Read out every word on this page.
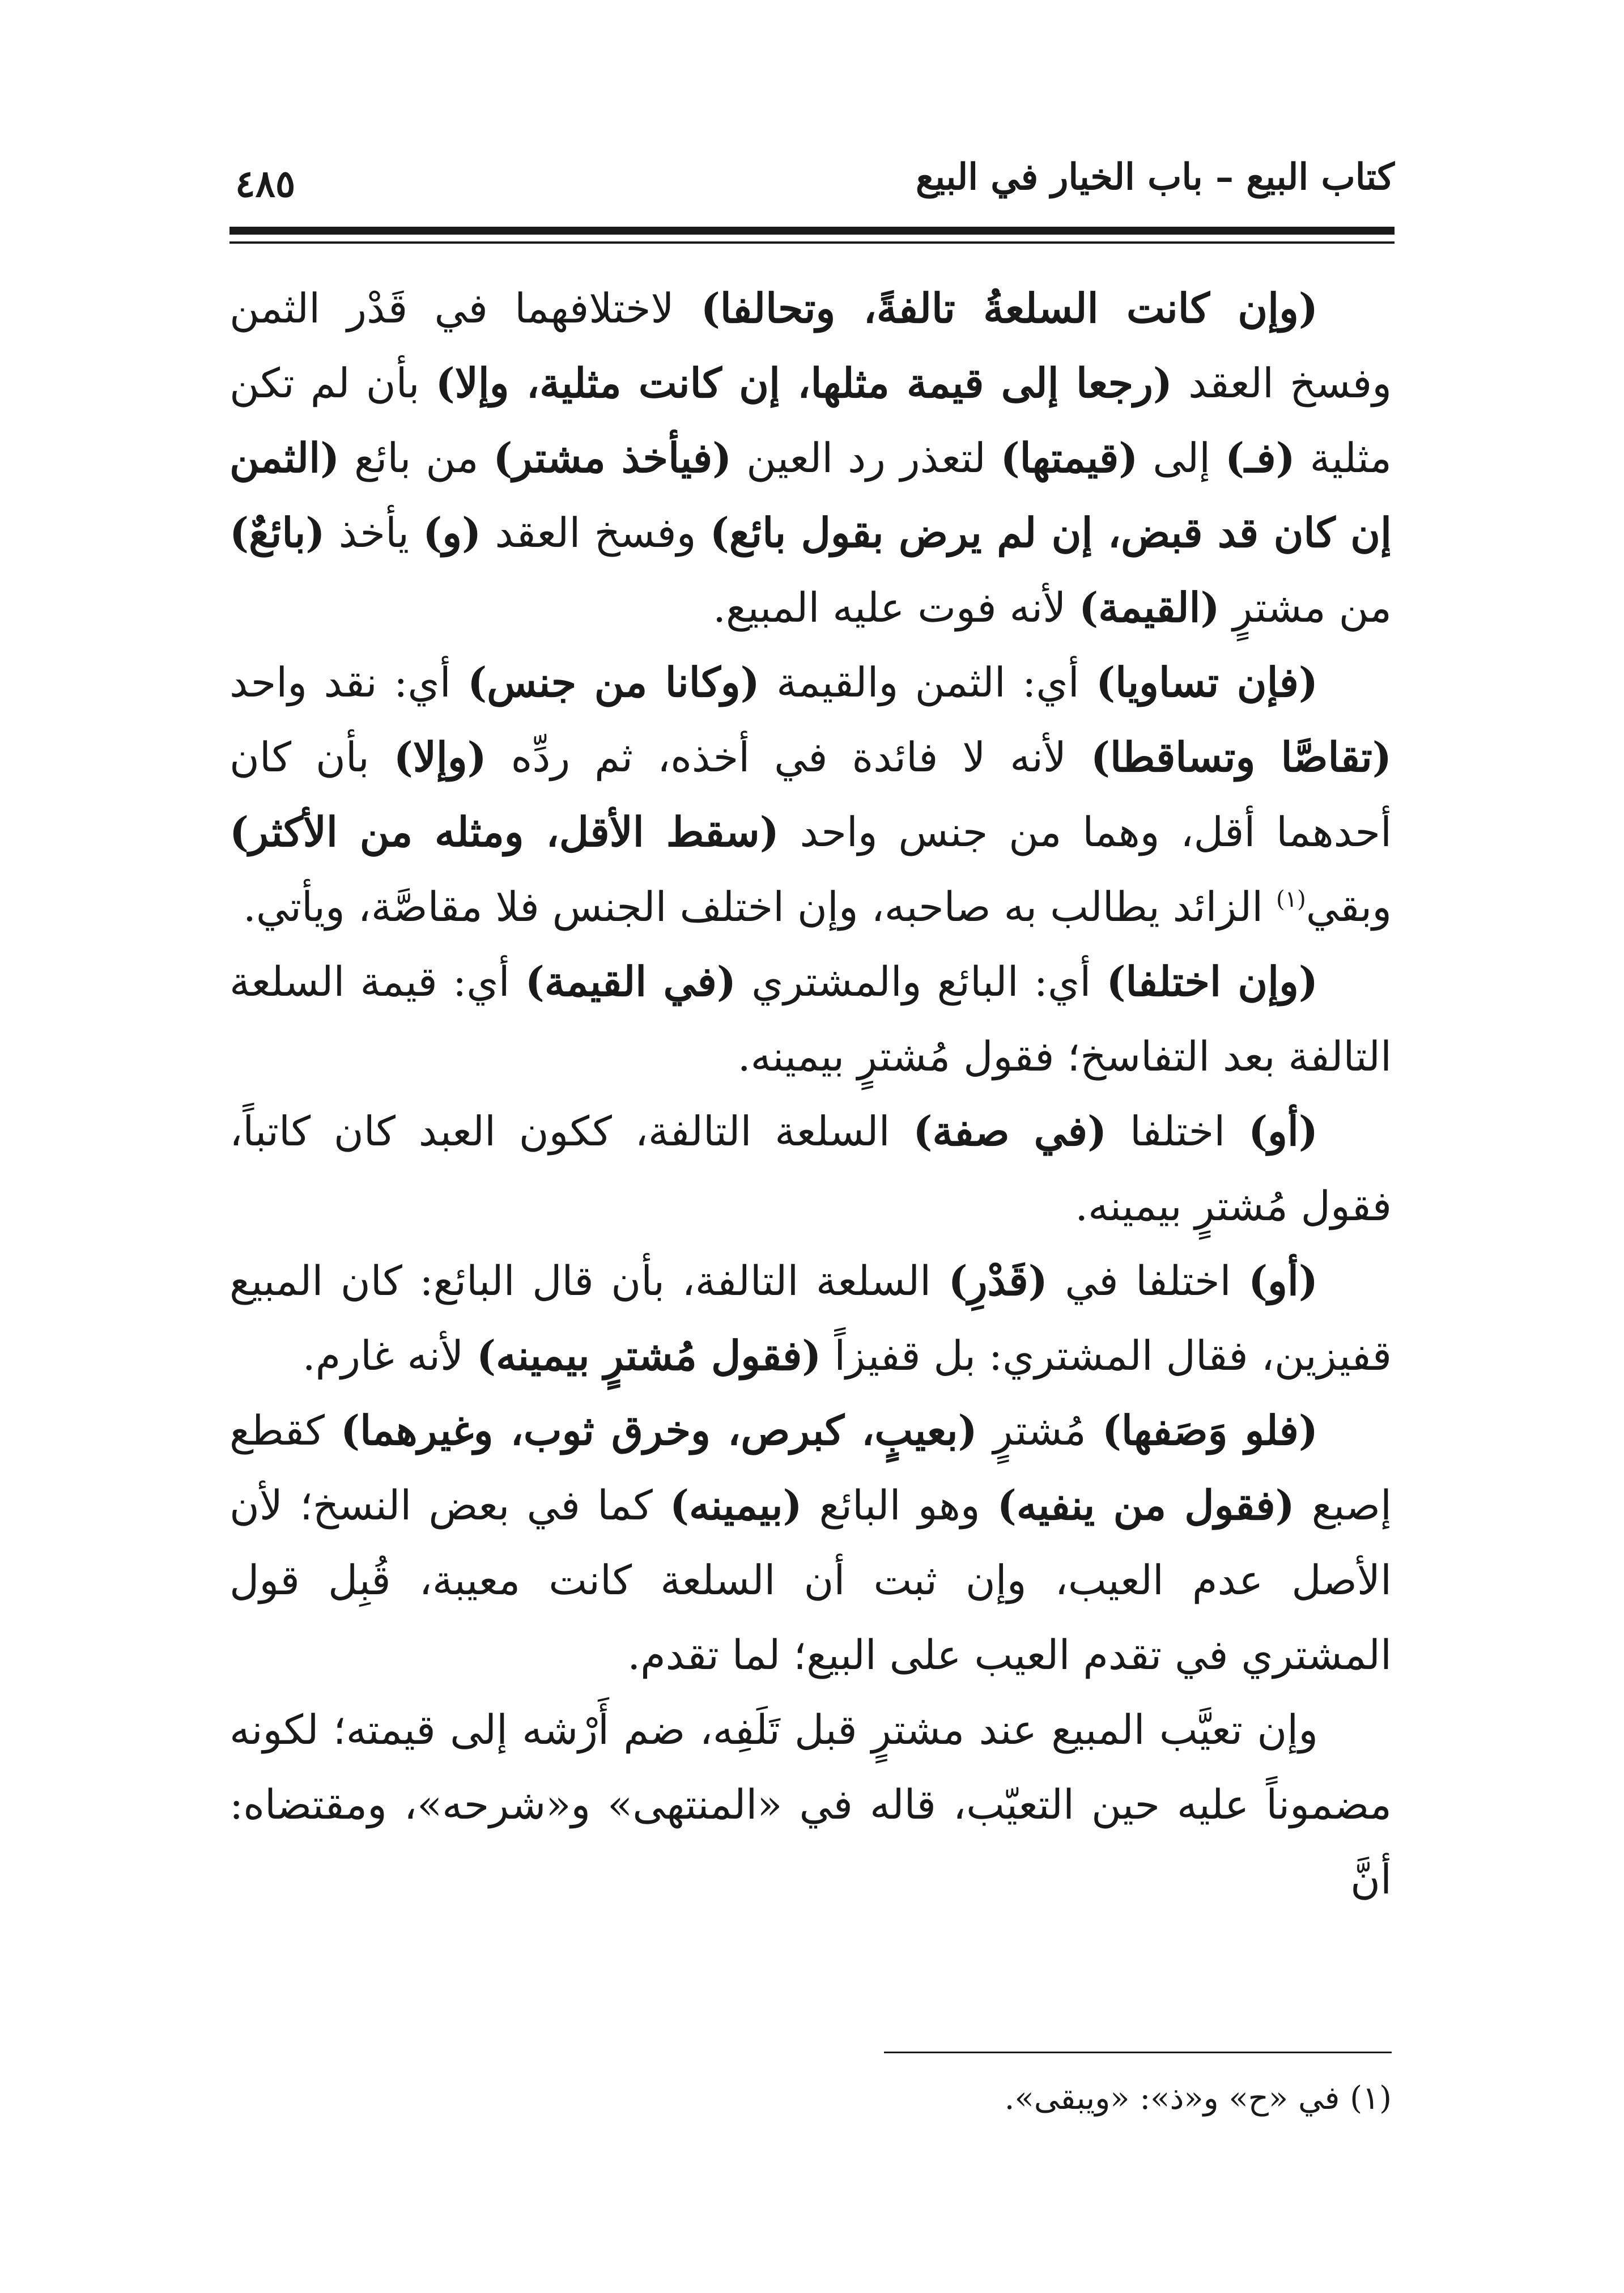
كتاب البيع – باب الخيار في البيع
٤٨٥

(وإن كانت السلعةُ تالفةً، وتحالفا) لاختلافهما في قَدْر الثمن وفسخ العقد (رجعا إلى قيمة مثلها، إن كانت مثلية، وإلا) بأن لم تكن مثلية (فـ) إلى (قيمتها) لتعذر رد العين (فيأخذ مشتر) من بائع (الثمن إن كان قد قبض، إن لم يرض بقول بائع) وفسخ العقد (و) يأخذ (بائعٌ) من مشترٍ (القيمة) لأنه فوت عليه المبيع.

(فإن تساويا) أي: الثمن والقيمة (وكانا من جنس) أي: نقد واحد (تقاصَّا وتساقطا) لأنه لا فائدة في أخذه، ثم ردِّه (وإلا) بأن كان أحدهما أقل، وهما من جنس واحد (سقط الأقل، ومثله من الأكثر) وبقي$^{(١)}$ الزائد يطالب به صاحبه، وإن اختلف الجنس فلا مقاصَّة، ويأتي.

(وإن اختلفا) أي: البائع والمشتري (في القيمة) أي: قيمة السلعة التالفة بعد التفاسخ؛ فقول مُشترٍ بيمينه.

(أو) اختلفا (في صفة) السلعة التالفة، ككون العبد كان كاتباً، فقول مُشترٍ بيمينه.

(أو) اختلفا في (قَدْرِ) السلعة التالفة، بأن قال البائع: كان المبيع قفيزين، فقال المشتري: بل قفيزاً (فقول مُشترٍ بيمينه) لأنه غارم.

(فلو وَصَفها) مُشترٍ (بعيبٍ، كبرص، وخرق ثوب، وغيرهما) كقطع إصبع (فقول من ينفيه) وهو البائع (بيمينه) كما في بعض النسخ؛ لأن الأصل عدم العيب، وإن ثبت أن السلعة كانت معيبة، قُبِل قول المشتري في تقدم العيب على البيع؛ لما تقدم.

وإن تعيَّب المبيع عند مشترٍ قبل تَلَفِه، ضم أَرْشه إلى قيمته؛ لكونه مضموناً عليه حين التعيّب، قاله في «المنتهى» و«شرحه»، ومقتضاه: أنَّ

(١) في «ح» و«ذ»: «ويبقى».
